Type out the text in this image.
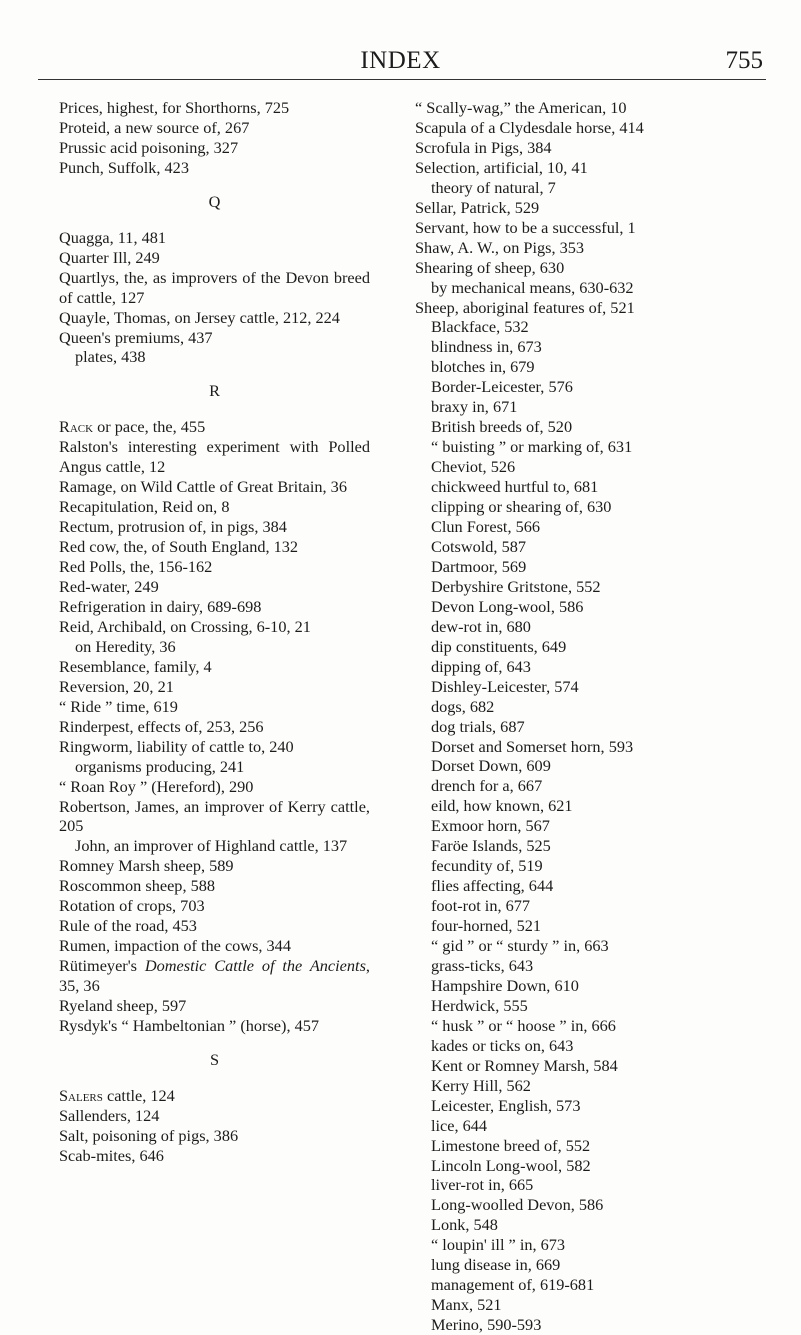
INDEX	755
Prices, highest, for Shorthorns, 725
Proteid, a new source of, 267
Prussic acid poisoning, 327
Punch, Suffolk, 423
Q
Quagga, 11, 481
Quarter Ill, 249
Quartlys, the, as improvers of the Devon breed of cattle, 127
Quayle, Thomas, on Jersey cattle, 212, 224
Queen's premiums, 437
plates, 438
R
Rack or pace, the, 455
Ralston's interesting experiment with Polled Angus cattle, 12
Ramage, on Wild Cattle of Great Britain, 36
Recapitulation, Reid on, 8
Rectum, protrusion of, in pigs, 384
Red cow, the, of South England, 132
Red Polls, the, 156-162
Red-water, 249
Refrigeration in dairy, 689-698
Reid, Archibald, on Crossing, 6-10, 21
on Heredity, 36
Resemblance, family, 4
Reversion, 20, 21
“ Ride ” time, 619
Rinderpest, effects of, 253, 256
Ringworm, liability of cattle to, 240
organisms producing, 241
“ Roan Roy ” (Hereford), 290
Robertson, James, an improver of Kerry cattle, 205
John, an improver of Highland cattle, 137
Romney Marsh sheep, 589
Roscommon sheep, 588
Rotation of crops, 703
Rule of the road, 453
Rumen, impaction of the cows, 344
Rütimeyer's Domestic Cattle of the Ancients, 35, 36
Ryeland sheep, 597
Rysdyk's “ Hambeltonian ” (horse), 457
S
Salers cattle, 124
Sallenders, 124
Salt, poisoning of pigs, 386
Scab-mites, 646
“ Scally-wag,” the American, 10
Scapula of a Clydesdale horse, 414
Scrofula in Pigs, 384
Selection, artificial, 10, 41
theory of natural, 7
Sellar, Patrick, 529
Servant, how to be a successful, 1
Shaw, A. W., on Pigs, 353
Shearing of sheep, 630
by mechanical means, 630-632
Sheep, aboriginal features of, 521
Blackface, 532
blindness in, 673
blotches in, 679
Border-Leicester, 576
braxy in, 671
British breeds of, 520
“ buisting ” or marking of, 631
Cheviot, 526
chickweed hurtful to, 681
clipping or shearing of, 630
Clun Forest, 566
Cotswold, 587
Dartmoor, 569
Derbyshire Gritstone, 552
Devon Long-wool, 586
dew-rot in, 680
dip constituents, 649
dipping of, 643
Dishley-Leicester, 574
dogs, 682
dog trials, 687
Dorset and Somerset horn, 593
Dorset Down, 609
drench for a, 667
eild, how known, 621
Exmoor horn, 567
Faröe Islands, 525
fecundity of, 519
flies affecting, 644
foot-rot in, 677
four-horned, 521
“ gid ” or “ sturdy ” in, 663
grass-ticks, 643
Hampshire Down, 610
Herdwick, 555
“ husk ” or “ hoose ” in, 666
kades or ticks on, 643
Kent or Romney Marsh, 584
Kerry Hill, 562
Leicester, English, 573
lice, 644
Limestone breed of, 552
Lincoln Long-wool, 582
liver-rot in, 665
Long-woolled Devon, 586
Lonk, 548
“ loupin' ill ” in, 673
lung disease in, 669
management of, 619-681
Manx, 521
Merino, 590-593
